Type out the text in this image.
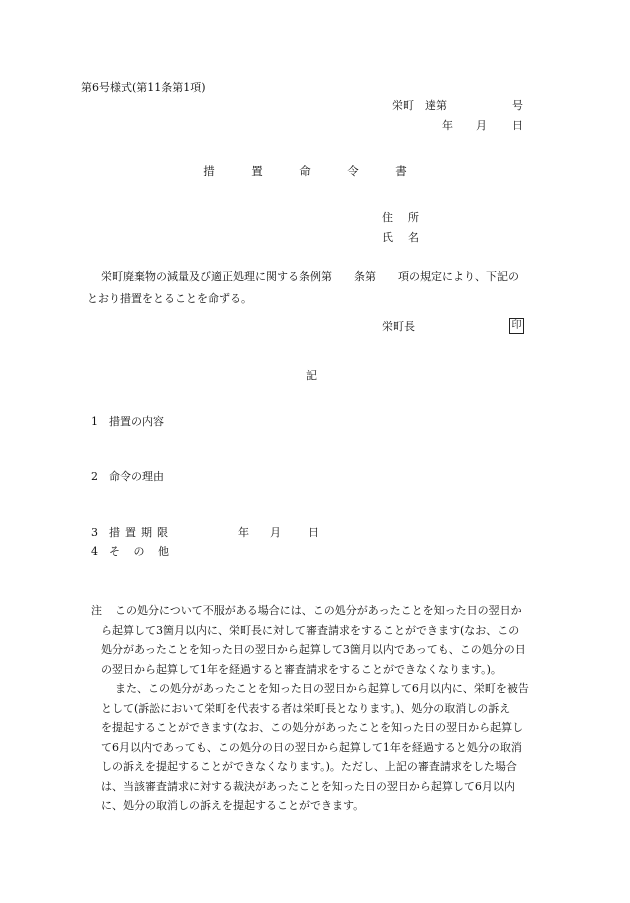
第6号様式(第11条第1項)
栄町　達第	号
年 月 日
措	置	命	令	書
住 所
氏 名
栄町廃棄物の減量及び適正処理に関する条例第　　条第　　項の規定により、下記の
とおり措置をとることを命ずる。
栄町長	印
記
1 措置の内容
2 命令の理由
3 措置期限	年 月 日
4 そ の 他
注 この処分について不服がある場合には、この処分があったことを知った日の翌日か
ら起算して3箇月以内に、栄町長に対して審査請求をすることができます(なお、この
処分があったことを知った日の翌日から起算して3箇月以内であっても、この処分の日
の翌日から起算して1年を経過すると審査請求をすることができなくなります。)。
また、この処分があったことを知った日の翌日から起算して6月以内に、栄町を被告
として(訴訟において栄町を代表する者は栄町長となります。)、処分の取消しの訴え
を提起することができます(なお、この処分があったことを知った日の翌日から起算し
て6月以内であっても、この処分の日の翌日から起算して1年を経過すると処分の取消
しの訴えを提起することができなくなります。)。ただし、上記の審査請求をした場合
は、当該審査請求に対する裁決があったことを知った日の翌日から起算して6月以内
に、処分の取消しの訴えを提起することができます。
